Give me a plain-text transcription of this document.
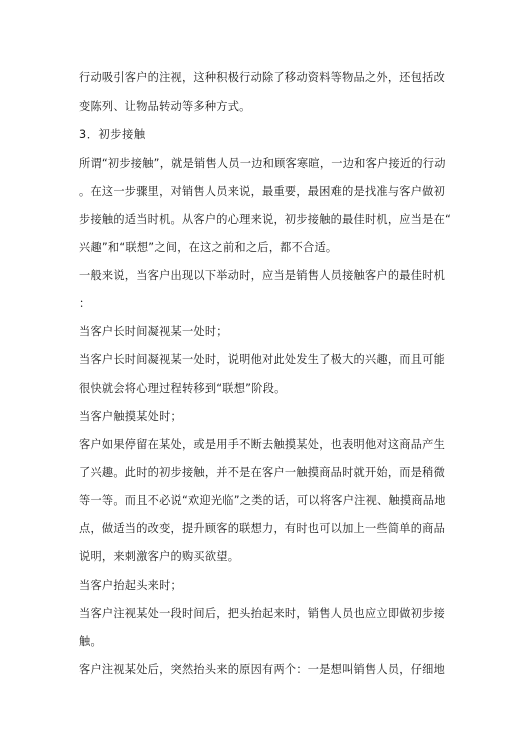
行动吸引客户的注视，这种积极行动除了移动资料等物品之外，还包括改

变陈列、让物品转动等多种方式。

3．初步接触

所谓“初步接触”，就是销售人员一边和顾客寒暄，一边和客户接近的行动

。在这一步骤里，对销售人员来说，最重要，最困难的是找准与客户做初

步接触的适当时机。从客户的心理来说，初步接触的最佳时机，应当是在“

兴趣”和“联想”之间，在这之前和之后，都不合适。

一般来说，当客户出现以下举动时，应当是销售人员接触客户的最佳时机

：

当客户长时间凝视某一处时；

当客户长时间凝视某一处时，说明他对此处发生了极大的兴趣，而且可能

很快就会将心理过程转移到“联想”阶段。

当客户触摸某处时；

客户如果停留在某处，或是用手不断去触摸某处，也表明他对这商品产生

了兴趣。此时的初步接触，并不是在客户一触摸商品时就开始，而是稍微

等一等。而且不必说“欢迎光临”之类的话，可以将客户注视、触摸商品地

点，做适当的改变，提升顾客的联想力，有时也可以加上一些简单的商品

说明，来刺激客户的购买欲望。

当客户抬起头来时；

当客户注视某处一段时间后，把头抬起来时，销售人员也应立即做初步接

触。

客户注视某处后，突然抬头来的原因有两个：一是想叫销售人员，仔细地
